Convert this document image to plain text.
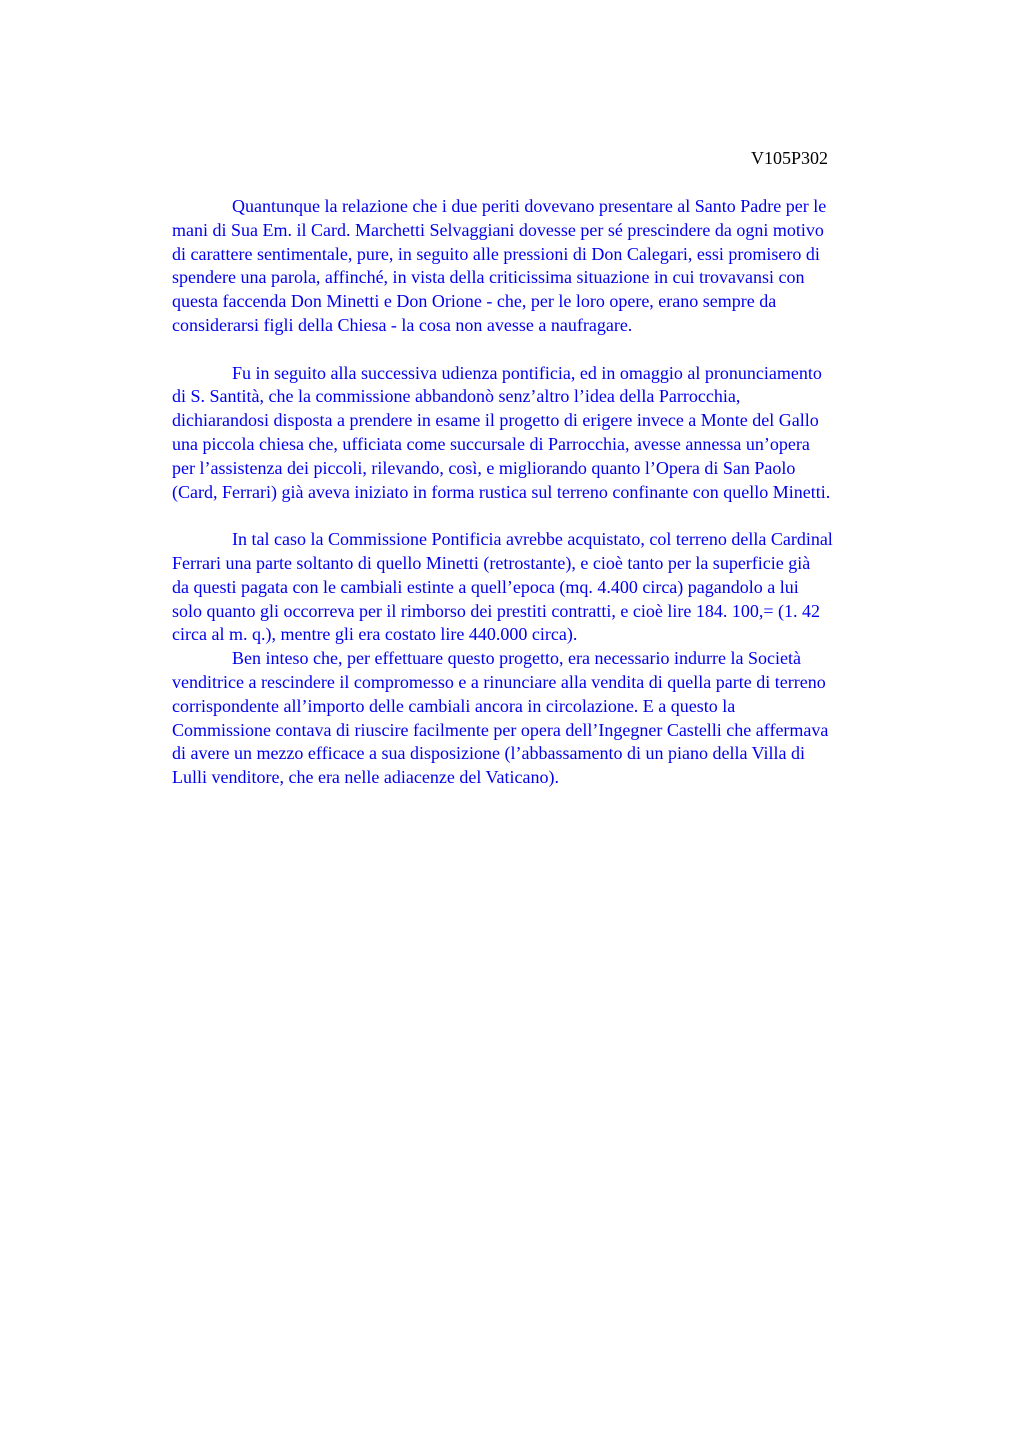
V105P302

Quantunque la relazione che i due periti dovevano presentare al Santo Padre per le
mani di Sua Em. il Card. Marchetti Selvaggiani dovesse per sé prescindere da ogni motivo
di carattere sentimentale, pure, in seguito alle pressioni di Don Calegari, essi promisero di
spendere una parola, affinché, in vista della criticissima situazione in cui trovavansi con
questa faccenda Don Minetti e Don Orione - che, per le loro opere, erano sempre da
considerarsi figli della Chiesa - la cosa non avesse a naufragare.

Fu in seguito alla successiva udienza pontificia, ed in omaggio al pronunciamento
di S. Santità, che la commissione abbandonò senz’altro l’idea della Parrocchia,
dichiarandosi disposta a prendere in esame il progetto di erigere invece a Monte del Gallo
una piccola chiesa che, ufficiata come succursale di Parrocchia, avesse annessa un’opera
per l’assistenza dei piccoli, rilevando, così, e migliorando quanto l’Opera di San Paolo
(Card, Ferrari) già aveva iniziato in forma rustica sul terreno confinante con quello Minetti.

In tal caso la Commissione Pontificia avrebbe acquistato, col terreno della Cardinal
Ferrari una parte soltanto di quello Minetti (retrostante), e cioè tanto per la superficie già
da questi pagata con le cambiali estinte a quell’epoca (mq. 4.400 circa) pagandolo a lui
solo quanto gli occorreva per il rimborso dei prestiti contratti, e cioè lire 184. 100,= (1. 42
circa al m. q.), mentre gli era costato lire 440.000 circa).

Ben inteso che, per effettuare questo progetto, era necessario indurre la Società
venditrice a rescindere il compromesso e a rinunciare alla vendita di quella parte di terreno
corrispondente all’importo delle cambiali ancora in circolazione. E a questo la
Commissione contava di riuscire facilmente per opera dell’Ingegner Castelli che affermava
di avere un mezzo efficace a sua disposizione (l’abbassamento di un piano della Villa di
Lulli venditore, che era nelle adiacenze del Vaticano).
